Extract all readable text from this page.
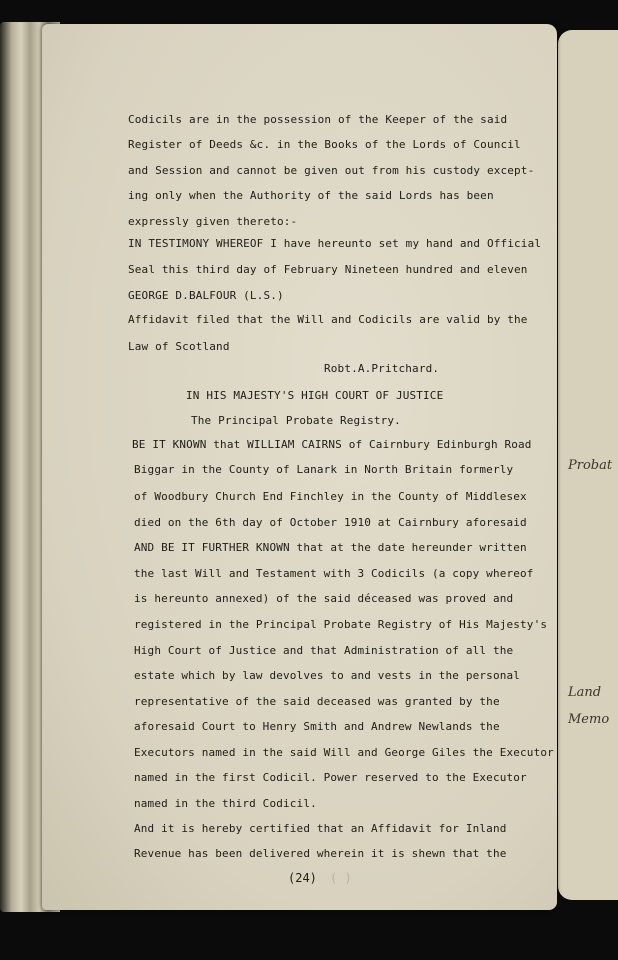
Probat
Land
Memo
Codicils are in the possession of the Keeper of the said
Register of Deeds &c. in the Books of the Lords of Council
and Session and cannot be given out from his custody except-
ing only when the Authority of the said Lords has been
expressly given thereto:-
IN TESTIMONY WHEREOF I have hereunto set my hand and Official
Seal this third day of February Nineteen hundred and eleven
GEORGE D.BALFOUR (L.S.)
Affidavit filed that the Will and Codicils are valid by the
Law of Scotland
Robt.A.Pritchard.
IN HIS MAJESTY'S HIGH COURT OF JUSTICE
The Principal Probate Registry.
BE IT KNOWN that WILLIAM CAIRNS of Cairnbury Edinburgh Road
Biggar in the County of Lanark in North Britain formerly
of Woodbury Church End Finchley in the County of Middlesex
died on the 6th day of October 1910 at Cairnbury aforesaid
AND BE IT FURTHER KNOWN that at the date hereunder written
the last Will and Testament with 3 Codicils (a copy whereof
is hereunto annexed) of the said déceased was proved and
registered in the Principal Probate Registry of His Majesty's
High Court of Justice and that Administration of all the
estate which by law devolves to and vests in the personal
representative of the said deceased was granted by the
aforesaid Court to Henry Smith and Andrew Newlands the
Executors named in the said Will and George Giles the Executor
named in the first Codicil. Power reserved to the Executor
named in the third Codicil.
And it is hereby certified that an Affidavit for Inland
Revenue has been delivered wherein it is shewn that the
(24) ( )
